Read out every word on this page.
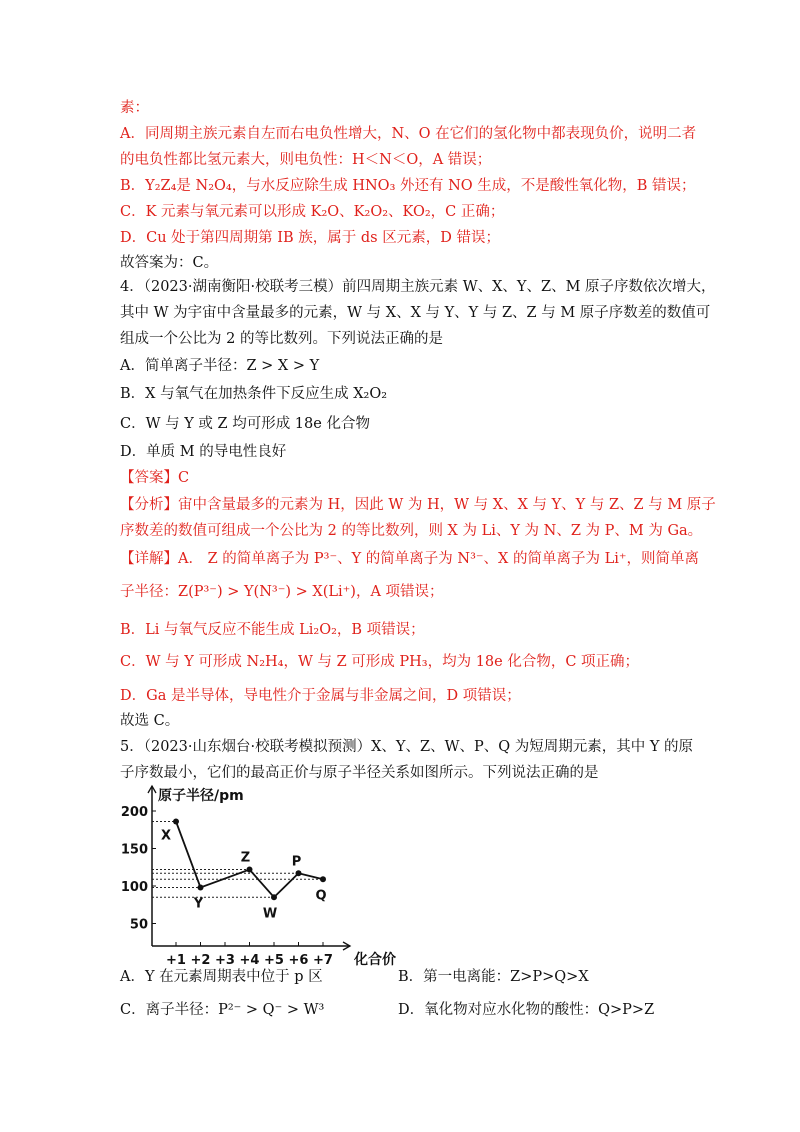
素：
A．同周期主族元素自左而右电负性增大，N、O 在它们的氢化物中都表现负价，说明二者
的电负性都比氢元素大，则电负性：H＜N＜O，A 错误；
B．Y₂Z₄是 N₂O₄，与水反应除生成 HNO₃ 外还有 NO 生成，不是酸性氧化物，B 错误；
C．K 元素与氧元素可以形成 K₂O、K₂O₂、KO₂，C 正确；
D．Cu 处于第四周期第 IB 族，属于 ds 区元素，D 错误；
故答案为：C。
4．（2023·湖南衡阳·校联考三模）前四周期主族元素 W、X、Y、Z、M 原子序数依次增大，
其中 W 为宇宙中含量最多的元素，W 与 X、X 与 Y、Y 与 Z、Z 与 M 原子序数差的数值可
组成一个公比为 2 的等比数列。下列说法正确的是
A．简单离子半径：Z > X > Y
B．X 与氧气在加热条件下反应生成 X₂O₂
C．W 与 Y 或 Z 均可形成 18e 化合物
D．单质 M 的导电性良好
【答案】C
【分析】宙中含量最多的元素为 H，因此 W 为 H，W 与 X、X 与 Y、Y 与 Z、Z 与 M 原子
序数差的数值可组成一个公比为 2 的等比数列，则 X 为 Li、Y 为 N、Z 为 P、M 为 Ga。
【详解】A． Z 的简单离子为 P³⁻、Y 的简单离子为 N³⁻、X 的简单离子为 Li⁺，则简单离
子半径：Z(P³⁻) > Y(N³⁻) > X(Li⁺)，A 项错误；
B．Li 与氧气反应不能生成 Li₂O₂，B 项错误；
C．W 与 Y 可形成 N₂H₄，W 与 Z 可形成 PH₃，均为 18e 化合物，C 项正确；
D．Ga 是半导体，导电性介于金属与非金属之间，D 项错误；
故选 C。
5．（2023·山东烟台·校联考模拟预测）X、Y、Z、W、P、Q 为短周期元素，其中 Y 的原
子序数最小，它们的最高正价与原子半径关系如图所示。下列说法正确的是
原子半径/pm
化合价
50
100
150
200
+1 +2 +3 +4 +5 +6 +7
X
Y
Z
W
P
Q
A．Y 在元素周期表中位于 p 区	B．第一电离能：Z>P>Q>X
C．离子半径：P²⁻ > Q⁻ > W³	D．氧化物对应水化物的酸性：Q>P>Z
